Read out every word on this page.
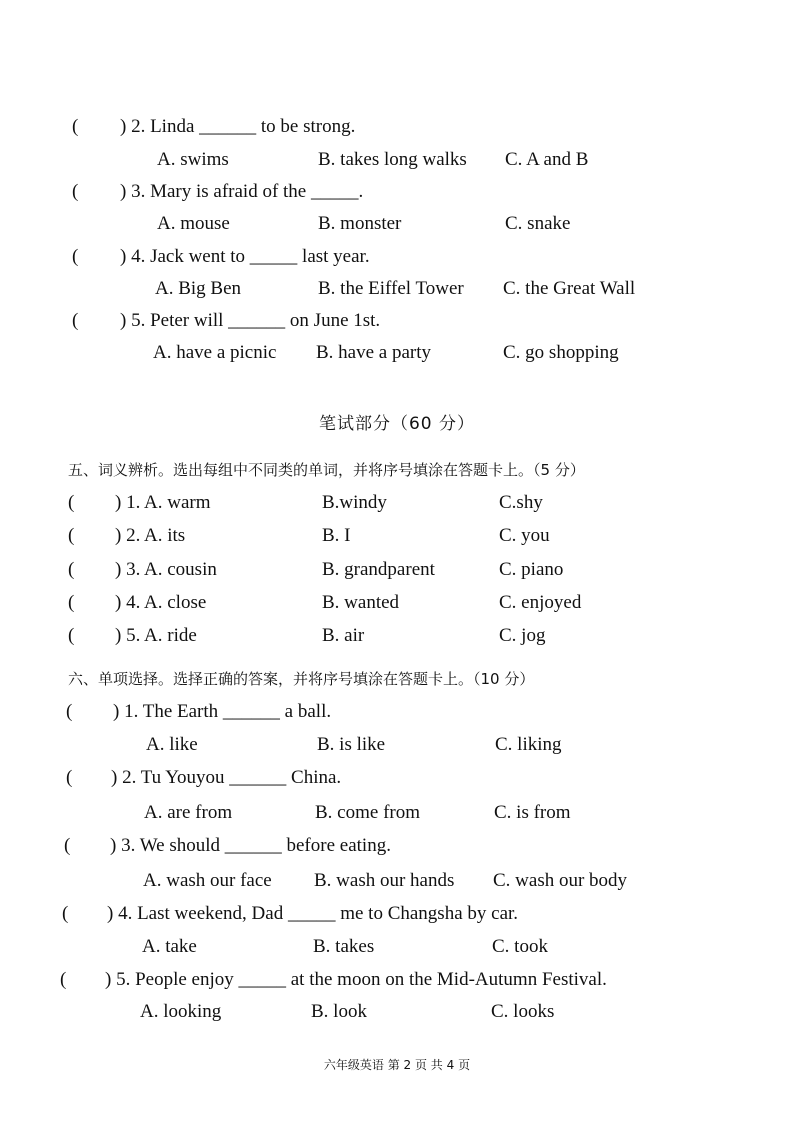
( ) 2. Linda ______ to be strong.
A. swims	B. takes long walks C. A and B
( ) 3. Mary is afraid of the _____.
A. mouse	B. monster	C. snake
( ) 4. Jack went to _____ last year.
A. Big Ben	B. the Eiffel Tower C. the Great Wall
( ) 5. Peter will ______ on June 1st.
A. have a picnic B. have a party	C. go shopping
笔试部分（60 分）
五、词义辨析。选出每组中不同类的单词，并将序号填涂在答题卡上。（5 分）
( ) 1. A. warm	B.windy	C.shy
( ) 2. A. its	B. I	C. you
( ) 3. A. cousin	B. grandparent	C. piano
( ) 4. A. close	B. wanted	C. enjoyed
( ) 5. A. ride	B. air	C. jog
六、单项选择。选择正确的答案，并将序号填涂在答题卡上。（10 分）
( ) 1. The Earth ______ a ball.
A. like	B. is like	C. liking
( ) 2. Tu Youyou ______ China.
A. are from	B. come from	C. is from
( ) 3. We should ______ before eating.
A. wash our face B. wash our hands C. wash our body
( ) 4. Last weekend, Dad _____ me to Changsha by car.
A. take	B. takes	C. took
( ) 5. People enjoy _____ at the moon on the Mid-Autumn Festival.
A. looking	B. look	C. looks
六年级英语 第 2 页 共 4 页
